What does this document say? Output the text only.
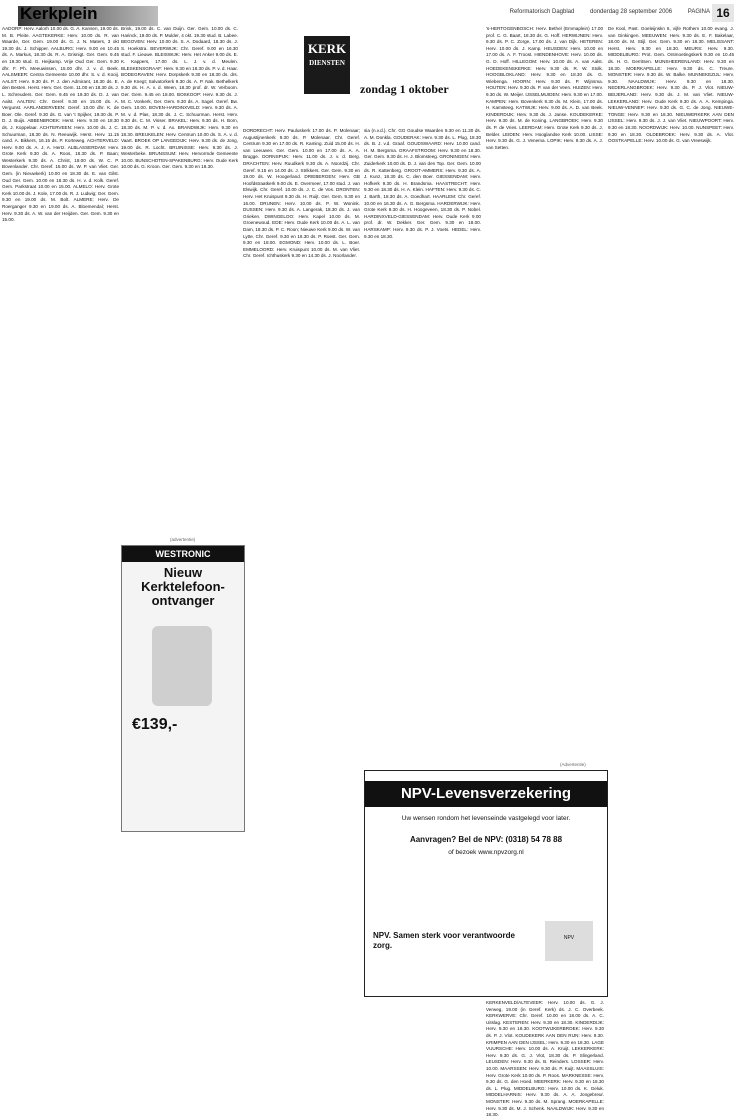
Kerkplein	Reformatorisch Dagblad	donderdag 28 september 2006	PAGINA 16

AADORP: Herv. Aalorh 10.00 ds. G. A. Kansen, 19.00 ds. M. B. Pleite. AAGTEKERKE: Herv. 10.00 ds. R. van Waarde, Ger. Gem. 19.00 ds. G. J. N. Maters, 3 okt 19.30 ds. J. Schipper. AALBURG: Herv. 9.00 en 10.45 ds. A. Markus, 18.30 ds. R. A. Grisnigt. Ger. Gem. 9.45 en 19.30 stud. G. Heijkamp. Vrije Oud Ger. Gem. 9.30 dhr. F. Ph. Meeuwissen, 15.00 dhr. J. v. d. Beek. AALSMEER: Centra Gemeente 10.00 dhr. S. v. d. Kooij. AALST: Herv. 9.30 ds. P. J. den Admirant, 18.30 ds. E. den Besten. Herst. Herv. Ger. Gem. 11.00 en 18.30 ds. J. L. Schreuders. Ger. Gem. 9.45 en 19.30 ds. D. J. van Aalst. AALTEN: Chr. Geref. 9.30 en 15.00 ds. A. Vergunst. AARLANDERVEEN: Geref. 10.00 dhr. K. de Boer. Ole. Geref. 9.30 ds. G. van 't Spijker, 19.30 ds. P. D. J. Buijs. ABBENBROEK: Herst. Herv. 9.30 en 18.30 ds. J. Koppelaar. ACHTERVEEN: Herv. 10.00 ds. J. C. Schuurman, 18.30 ds. N. Reeuwijk. Herst. Herv. 11.15 cand. A. Bikkers, 16.15 ds. P. Korteweg. ACHTERVELD: Herv. 9.00 ds. A. J. A. Hertz. ALBLASSERDAM: Herv. Grote Kerk 9.30 ds. A. Roos, 18.30 ds. P. Baan; Westerkerk 9.30 ds. A. Christ, 18.00 ds. W. C. P. Bovenlander. Chr. Geref. 15.00 ds. W. P. van Vliet. Ger. Gem. (in Nieuwkerk) 10.00 en 18.30 ds. E. van Gilst. Oud Ger. Gem. 10.00 en 18.30 ds. H. v. d. Kolk. Geref. Gem. Parkstraat 10.00 en 15.00. ALMELO: Herv. Grote Kerk 10.00 ds. J. Kole, 17.00 ds. R. J. Ludwig; Ger. Gem. 9.30 en 19.00 ds. M. Bolt. ALMERE: Herv. De Roerganger 9.30 en 19.00 ds. A. Bloemendal; Herst. Herv. 9.30 ds. A. W. van der Heijden. Ger. Gem. 9.30 en 15.00.

Brink, 19.00 ds. C. van Duijn. Ger. Gem. 10.00 ds. C. Harinck, 19.00 ds. P. Mulder, 4 okt. 19.30 stud. B. Labee. BEGOVEN: Herv. 10.00 ds. S. A. Dodaard, 18.30 ds. J. S. Hoekstra. BEVERWIJK: Chr. Geref. 9.00 en 16.30 stud. F. Lieuwe. BLEISWIJK: Herv. Het Anker 9.00 ds. E. K. Kappers, 17.00 ds. L. J. v. d. Meulen. BLESKENSGRAAF: Herv. 9.30 en 18.30 ds. P. v. d. Haar. BODEGRAVEN: Herv. Dorpskerk 9.30 en 18.30 ds. drs. A. de Knegt; Salvatorkerk 9.30 ds. A. P. Nak. Bethelkerk 9.30 ds. H. A. v. d. Ween, 18.30 prof. dr. W. Verboom. Ger. Gem. 9.45 en 18.00. BOSKOOP: Herv. 9.30 ds. J. M. C. Vonkerk, Ger. Gem. 9.30 ds. A. Sagel. Geref. Bw. Gem. 10.00. BOVEN-HARDINXVELD: Herv. 9.30 ds. A. M. v. d. Plas, 18.30 ds. J. C. Schuurman. Herst. Herv. 9.30 ds. C. M. Visser. BRAKEL: Herv. 9.30 ds. H. Born, 18.30 ds. M. P. v. d. Ax. BRANDWIJK: Herv. 9.30 en 18.30. BREUKELEN: Herv. Centrum 10.00 ds. S. A. v. d. Vaart. BROEK OP LANGEDIJK: Herv. 9.30 ds. de Jong, 19.00 ds. R. Locht. BRUINISSE: Herv. 9.30 ds. J. Westerbeke. BRUNSSUM: Herv. Hervormde Gemeente 10.00. BUNSCHOTEN-SPAKENBURG: Herv. Oude Kerk 10.00 ds. G. Kroon. Ger. Gem. 9.30 en 18.30.

DORDRECHT: Herv. Pauluskerk 17.00 ds. P. Molenaar; Augustijnenkerk 9.30 ds. P. Molenaar. Chr. Geref. Centrum 9.30 en 17.00 ds. R. Kaming. Zuid 15.00 ds. H. van Leeuwen. Ger. Gem. 10.00 en 17.00 ds. A. A. Brugge. DORNSPIJK: Herv. 11.00 ds. J. v. d. Berg. DRACHTEN: Herv. Ruudkerk 9.30 ds. A. Noordzij. Chr. Geref. 9.15 en 14.00 ds. J. Strikkers. Ger. Gem. 9.30 en 19.00 ds. W. Hoogerland. DRIEBERGEN: Herv. GB Hoofdstraatkerk 9.00 ds. E. Overmeer, 17.00 stud. J. van Elswijk. Chr. Geref. 10.00 ds. J. C. de Vos. DRONTEN: Herv. Het Kruispunt 9.30 ds. H. Ruijt. Ger. Gem. 9.30 en 16.00. DRUNEN: Herv. 10.00 ds. P. W. Wonink. DUSSEN: Herv. 9.30 ds. A. Langerak, 18.30 ds. J. van Grieken. DWINGELOO: Herv. Kapel 10.00 ds. M. Groenewoud. EDE: Herv. Oude Kerk 10.00 ds. A. L. van Dam, 18.30 ds. P. C. Roon; Nieuwe Kerk 9.00 ds. W. van Lytte. Chr. Geref. 9.30 en 16.30 ds. P. Roest. Ger. Gem. 9.30 en 18.00. EGMOND: Herv. 10.00 ds. L. Boer. EMMELOORD: Herv. Kruispunt 10.00 ds. M. van Vliet. Chr. Geref. Ichthuskerk 9.30 en 14.30 ds. J. Noorlander.

sia (n.v.d.). Chr. GG Goudse Waarden 9.30 en 11.30 ds. A. M. Donkla. GOUDERAK: Herv. 9.30 ds. L. Plug, 18.30 ds. B. J. v.d. Graaf. GOUDSWAARD: Herv. 10.00 cand. H. M. Bergsma. GRAAFSTROOM: Herv. 9.30 en 18.30. Ger. Gem. 9.30 ds. H. J. Blomsteeg. GRONINGEN: Herv. Zuiderkerk 10.00 ds. D. J. van den Top. Ger. Gem. 10.00 ds. R. Kattenberg. GROOT-AMMERS: Herv. 9.30 ds. A. J. Kunz, 18.30 ds. C. den Boer. GIESSENDAM: Herv. Hofkerk 9.30 ds. H. Brandsma. HAASTRECHT: Herv. 9.30 en 18.30 ds. H. A. Klein. HAFTEN: Herv. 9.30 ds. C. J. Barth, 18.30 ds. A. Goedhart. HAARLEM: Chr. Geref. 10.00 en 16.30 ds. A. G. Bergsma. HARDERWIJK: Herv. Grote Kerk 9.30 ds. H. Hoogeveen, 18.30 ds. P. Nobel. HARDINXVELD-GIESSENDAM: Herv. Oude Kerk 9.00 prof. dr. W. Dekker. Ger. Gem. 9.30 en 18.00. HARSKAMP: Herv. 9.30 ds. P. J. Voets. HEDEL: Herv. 9.30 en 18.30.

's-HERTOGENBOSCH: Herv. Bethel (Emmaplein) 17.00 prof. C. G. Baart, 18.30 ds. G. Hoff. HERWIJNEN: Herv. 9.30 ds. P. C. Zorge, 17.00 ds. J. van Dijk. HETEREN: Herv. 10.00 ds. J. Kamp. HEUSDEN: Herv. 10.00 en 17.00 ds. A. F. Troost. HIENDENHOVE: Herv. 10.00 ds. G. D. Hoff. HILLEGOM: Herv. 10.00 ds. A. van Aalst. HOEDEKENSKERKE: Herv. 9.30 ds. R. W. Stolk. HOOGBLOKLAND: Herv. 9.30 en 18.30 ds. G. Wiebenga. HOORN: Herv. 9.30 ds. P. Wijnsma. HOUTEN: Herv. 9.30 ds. P. van der Veen. HUIZEN: Herv. 9.30 ds. W. Meijer. IJSSELMUIDEN: Herv. 9.30 en 17.00. KAMPEN: Herv. Bovenkerk 9.30 ds. M. Klein, 17.00 ds. H. Kamsteeg. KATWIJK: Herv. 9.00 ds. A. D. van Beek. KINDERDIJK: Herv. 9.30 ds. J. Janse. KOUDEKERKE: Herv. 9.30 ds. M. de Koning. LANGBROEK: Herv. 9.30 ds. P. de Vries. LEERDAM: Herv. Grote Kerk 9.30 ds. J. Belder. LEIDEN: Herv. Hooglandse Kerk 10.00. LISSE: Herv. 9.30 ds. G. J. Venema. LOPIK: Herv. 9.30 ds. A. J. van Setten.

KERKENVELD/ALTEVEER: Herv. 10.00 ds. G. J. Verweg, 19.00 (in Geref. Kerk) ds. J. C. Overbeek. KERKWERVE: Chr. Geref. 10.00 en 18.00 ds. A. C. Uitslag. KESTEREN: Herv. 9.30 en 18.30. KINDERDIJK: Herv. 9.30 en 18.30. KOOTWIJKERBROEK: Herv. 9.30 ds. P. J. Vlot. KOUDEKERK AAN DEN RIJN: Herv. 9.30. KRIMPEN AAN DEN IJSSEL: Herv. 9.30 en 18.30. LAGE VUURSCHE: Herv. 10.00 ds. A. Kruijt. LEKKERKERK: Herv. 9.30 ds. G. J. Vlot, 18.30 ds. P. Slingerland. LEUSDEN: Herv. 9.30 ds. B. Reinders. LOSSER: Herv. 10.00. MAARSSEN: Herv. 9.30 ds. P. Kuijt. MAASSLUIS: Herv. Grote Kerk 10.00 ds. P. Roos. MARKNESSE: Herv. 9.30 ds. G. den Hoed. MEERKERK: Herv. 9.30 en 18.30 ds. L. Plug. MIDDELBURG: Herv. 10.00 ds. K. Geluk. MIDDELHARNIS: Herv. 9.30 ds. A. A. Jongebreur. MONSTER: Herv. 9.30 ds. M. Sprang. MOERKAPELLE: Herv. 9.30 ds. M. J. Schenk. NAALDWIJK: Herv. 9.30 en 18.30.

De Kool, Past. Goeleijnskn 6, vijfe Rothem 10.00 evang. J. van Ginkingen. MEEUWEN: Herv. 9.30 ds. E. F. Bakelaar, 18.00 ds. M. Stijl. Ger. Gem. 9.30 en 18.30. MELISSANT: Herst. Herv. 9.30 en 18.30. MEURS: Herv. 9.30. MIDDELBURG: Prot. Gem. Ontmoetingskerk 9.30 en 10.45 ds. H. G. Gerritsen. MIJNSHEERENLAND: Herv. 9.30 en 18.30. MOERKAPELLE: Herv. 9.30 ds. C. Treure. MONSTER: Herv. 9.30 ds. W. Balke. MUNNEKEZIJL: Herv. 9.30. NAALDWIJK: Herv. 9.30 en 18.30. NEDERLANGBROEK: Herv. 9.30 ds. P. J. Vlot. NIEUW-BEIJERLAND: Herv. 9.30 ds. J. M. van Vliet. NIEUW-LEKKERLAND: Herv. Oude Kerk 9.30 ds. A. A. Kempinga. NIEUW-VENNEP: Herv. 9.30 ds. G. C. de Jong. NIEUWE-TONGE: Herv. 9.30 en 18.30. NIEUWERKERK AAN DEN IJSSEL: Herv. 9.30 ds. J. J. van Vliet. NIEUWPOORT: Herv. 9.30 en 18.30. NOORDWIJK: Herv. 10.00. NUNSPEET: Herv. 9.30 en 18.30. OLDEBROEK: Herv. 9.30 ds. A. Vlot. OOSTKAPELLE: Herv. 10.00 ds. G. van Vreeswijk.

KERK
DIENSTEN
zondag 1 oktober
(advertentie)
WESTRONIC
Nieuw Kerktelefoon-ontvanger
€139,-
(Advertentie)
NPV-Levensverzekering
Uw wensen rondom het levenseinde vastgelegd voor later.
Aanvragen? Bel de NPV: (0318) 54 78 88
of bezoek www.npvzorg.nl
NPV. Samen sterk voor verantwoorde zorg.
NPV
